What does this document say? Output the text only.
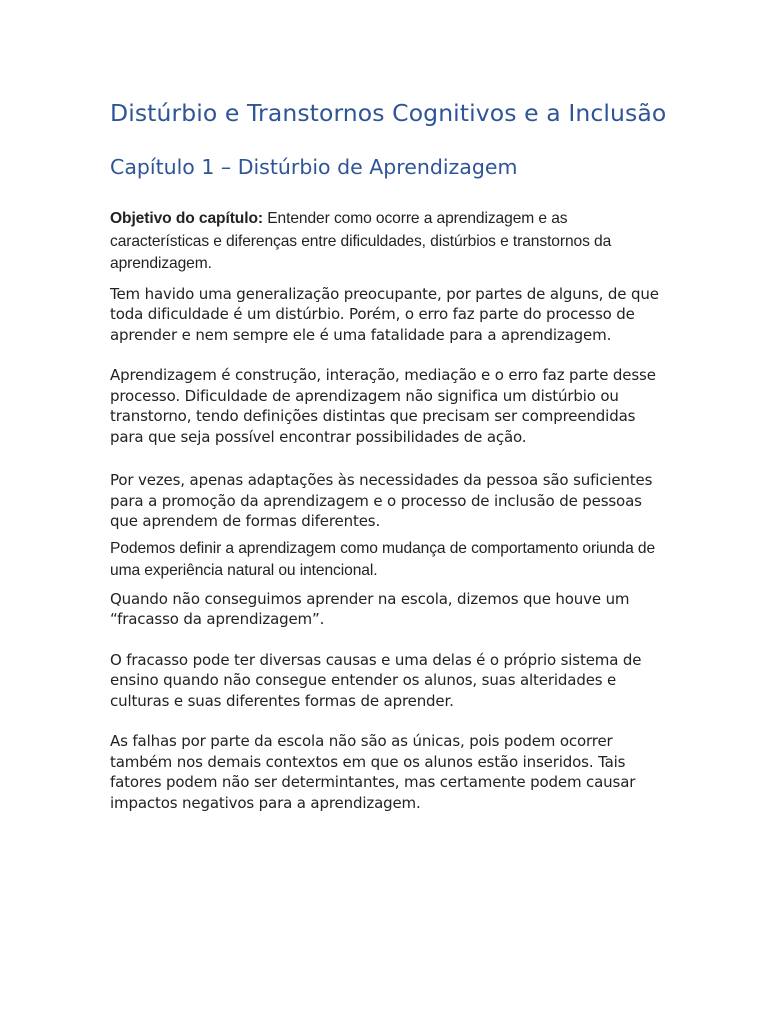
Distúrbio e Transtornos Cognitivos e a Inclusão
Capítulo 1 – Distúrbio de Aprendizagem

Objetivo do capítulo: Entender como ocorre a aprendizagem e as características e diferenças entre dificuldades, distúrbios e transtornos da aprendizagem.

Tem havido uma generalização preocupante, por partes de alguns, de que toda dificuldade é um distúrbio. Porém, o erro faz parte do processo de aprender e nem sempre ele é uma fatalidade para a aprendizagem.

Aprendizagem é construção, interação, mediação e o erro faz parte desse processo. Dificuldade de aprendizagem não significa um distúrbio ou transtorno, tendo definições distintas que precisam ser compreendidas para que seja possível encontrar possibilidades de ação.

Por vezes, apenas adaptações às necessidades da pessoa são suficientes para a promoção da aprendizagem e o processo de inclusão de pessoas que aprendem de formas diferentes.

Podemos definir a aprendizagem como mudança de comportamento oriunda de uma experiência natural ou intencional.

Quando não conseguimos aprender na escola, dizemos que houve um “fracasso da aprendizagem”.

O fracasso pode ter diversas causas e uma delas é o próprio sistema de ensino quando não consegue entender os alunos, suas alteridades e culturas e suas diferentes formas de aprender.

As falhas por parte da escola não são as únicas, pois podem ocorrer também nos demais contextos em que os alunos estão inseridos. Tais fatores podem não ser determintantes, mas certamente podem causar impactos negativos para a aprendizagem.
